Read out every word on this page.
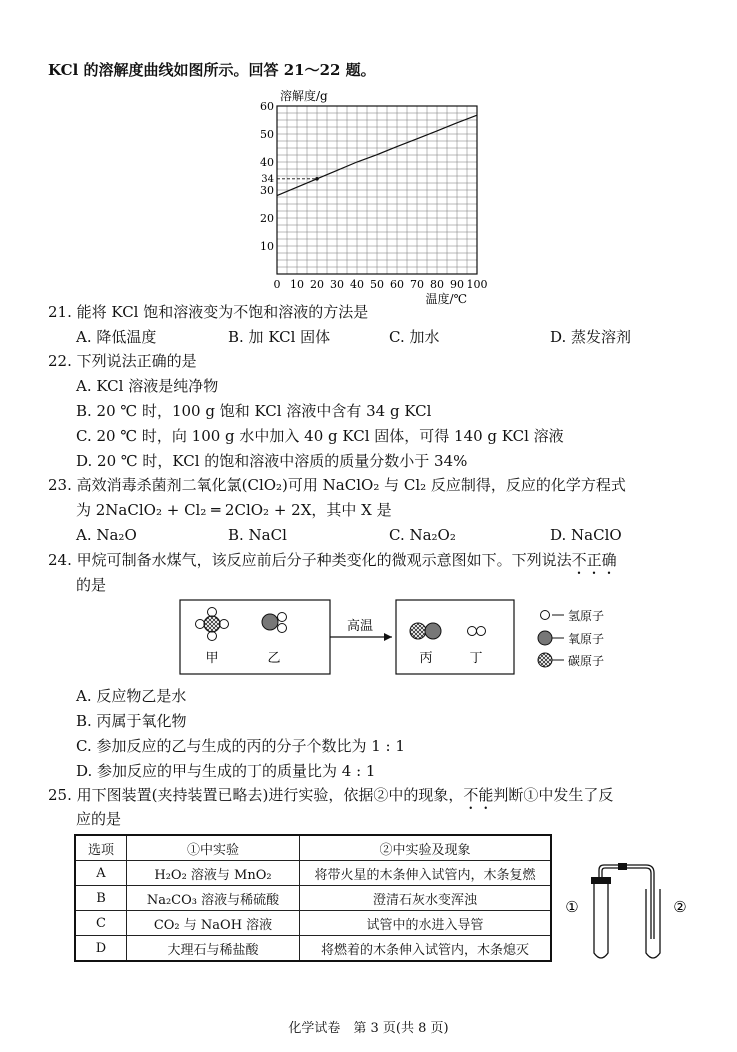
KCl 的溶解度曲线如图所示。回答 21～22 题。
0 10 20 30 40 50 60 70 80 90 100
10
20
30
40
50
60
34
溶解度/g
温度/℃
21. 能将 KCl 饱和溶液变为不饱和溶液的方法是
A. 降低温度	B. 加 KCl 固体	C. 加水	D. 蒸发溶剂
22. 下列说法正确的是
A. KCl 溶液是纯净物
B. 20 ℃ 时，100 g 饱和 KCl 溶液中含有 34 g KCl
C. 20 ℃ 时，向 100 g 水中加入 40 g KCl 固体，可得 140 g KCl 溶液
D. 20 ℃ 时，KCl 的饱和溶液中溶质的质量分数小于 34%
23. 高效消毒杀菌剂二氧化氯(ClO₂)可用 NaClO₂ 与 Cl₂ 反应制得，反应的化学方程式
为 2NaClO₂ + Cl₂ ═ 2ClO₂ + 2X，其中 X 是
A. Na₂O	B. NaCl	C. Na₂O₂	D. NaClO
24. 甲烷可制备水煤气，该反应前后分子种类变化的微观示意图如下。下列说法不正确
的是
甲	乙
高温
丙	丁
氢原子
氧原子
碳原子
A. 反应物乙是水
B. 丙属于氧化物
C. 参加反应的乙与生成的丙的分子个数比为 1 : 1
D. 参加反应的甲与生成的丁的质量比为 4 : 1
25. 用下图装置(夹持装置已略去)进行实验，依据②中的现象，不能判断①中发生了反
应的是
选项	①中实验	②中实验及现象
A	H₂O₂ 溶液与 MnO₂	将带火星的木条伸入试管内，木条复燃
B	Na₂CO₃ 溶液与稀硫酸	澄清石灰水变浑浊
C	CO₂ 与 NaOH 溶液	试管中的水进入导管
D	大理石与稀盐酸	将燃着的木条伸入试管内，木条熄灭
①	②
化学试卷　第 3 页(共 8 页)
